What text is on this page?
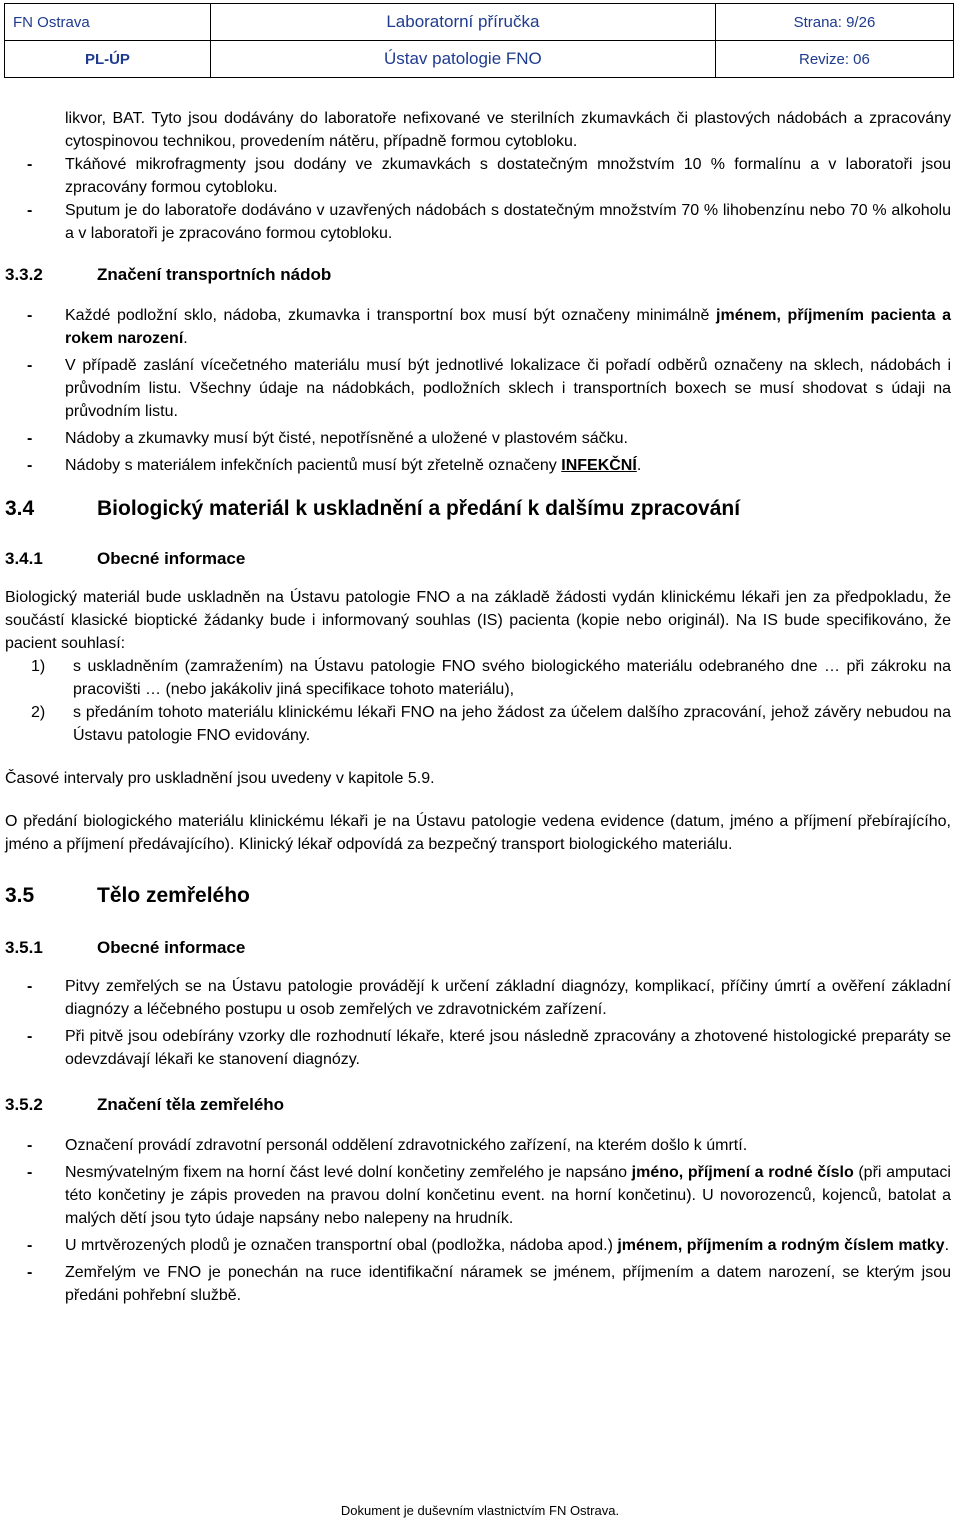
FN Ostrava	Laboratorní příručka	Strana: 9/26
PL-ÚP	Ústav patologie FNO	Revize: 06
likvor, BAT. Tyto jsou dodávány do laboratoře nefixované ve sterilních zkumavkách či plastových nádobách a zpracovány cytospinovou technikou, provedením nátěru, případně formou cytobloku.
-	Tkáňové mikrofragmenty jsou dodány ve zkumavkách s dostatečným množstvím 10 % formalínu a v laboratoři jsou zpracovány formou cytobloku.
-	Sputum je do laboratoře dodáváno v uzavřených nádobách s dostatečným množstvím 70 % lihobenzínu nebo 70 % alkoholu a v laboratoři je zpracováno formou cytobloku.
3.3.2	Značení transportních nádob
-	Každé podložní sklo, nádoba, zkumavka i transportní box musí být označeny minimálně jménem, příjmením pacienta a rokem narození.
-	V případě zaslání vícečetného materiálu musí být jednotlivé lokalizace či pořadí odběrů označeny na sklech, nádobách i průvodním listu. Všechny údaje na nádobkách, podložních sklech i transportních boxech se musí shodovat s údaji na průvodním listu.
-	Nádoby a zkumavky musí být čisté, nepotřísněné a uložené v plastovém sáčku.
-	Nádoby s materiálem infekčních pacientů musí být zřetelně označeny INFEKČNÍ.
3.4	Biologický materiál k uskladnění a předání k dalšímu zpracování
3.4.1	Obecné informace
Biologický materiál bude uskladněn na Ústavu patologie FNO a na základě žádosti vydán klinickému lékaři jen za předpokladu, že součástí klasické bioptické žádanky bude i informovaný souhlas (IS) pacienta (kopie nebo originál). Na IS bude specifikováno, že pacient souhlasí:
1)	s uskladněním (zamražením) na Ústavu patologie FNO svého biologického materiálu odebraného dne … při zákroku na pracovišti … (nebo jakákoliv jiná specifikace tohoto materiálu),
2)	s předáním tohoto materiálu klinickému lékaři FNO na jeho žádost za účelem dalšího zpracování, jehož závěry nebudou na Ústavu patologie FNO evidovány.
Časové intervaly pro uskladnění jsou uvedeny v kapitole 5.9.
O předání biologického materiálu klinickému lékaři je na Ústavu patologie vedena evidence (datum, jméno a příjmení přebírajícího, jméno a příjmení předávajícího). Klinický lékař odpovídá za bezpečný transport biologického materiálu.
3.5	Tělo zemřelého
3.5.1	Obecné informace
-	Pitvy zemřelých se na Ústavu patologie provádějí k určení základní diagnózy, komplikací, příčiny úmrtí a ověření základní diagnózy a léčebného postupu u osob zemřelých ve zdravotnickém zařízení.
-	Při pitvě jsou odebírány vzorky dle rozhodnutí lékaře, které jsou následně zpracovány a zhotovené histologické preparáty se odevzdávají lékaři ke stanovení diagnózy.
3.5.2	Značení těla zemřelého
-	Označení provádí zdravotní personál oddělení zdravotnického zařízení, na kterém došlo k úmrtí.
-	Nesmývatelným fixem na horní část levé dolní končetiny zemřelého je napsáno jméno, příjmení a rodné číslo (při amputaci této končetiny je zápis proveden na pravou dolní končetinu event. na horní končetinu). U novorozenců, kojenců, batolat a malých dětí jsou tyto údaje napsány nebo nalepeny na hrudník.
-	U mrtvěrozených plodů je označen transportní obal (podložka, nádoba apod.) jménem, příjmením a rodným číslem matky.
-	Zemřelým ve FNO je ponechán na ruce identifikační náramek se jménem, příjmením a datem narození, se kterým jsou předáni pohřební službě.
Dokument je duševním vlastnictvím FN Ostrava.
